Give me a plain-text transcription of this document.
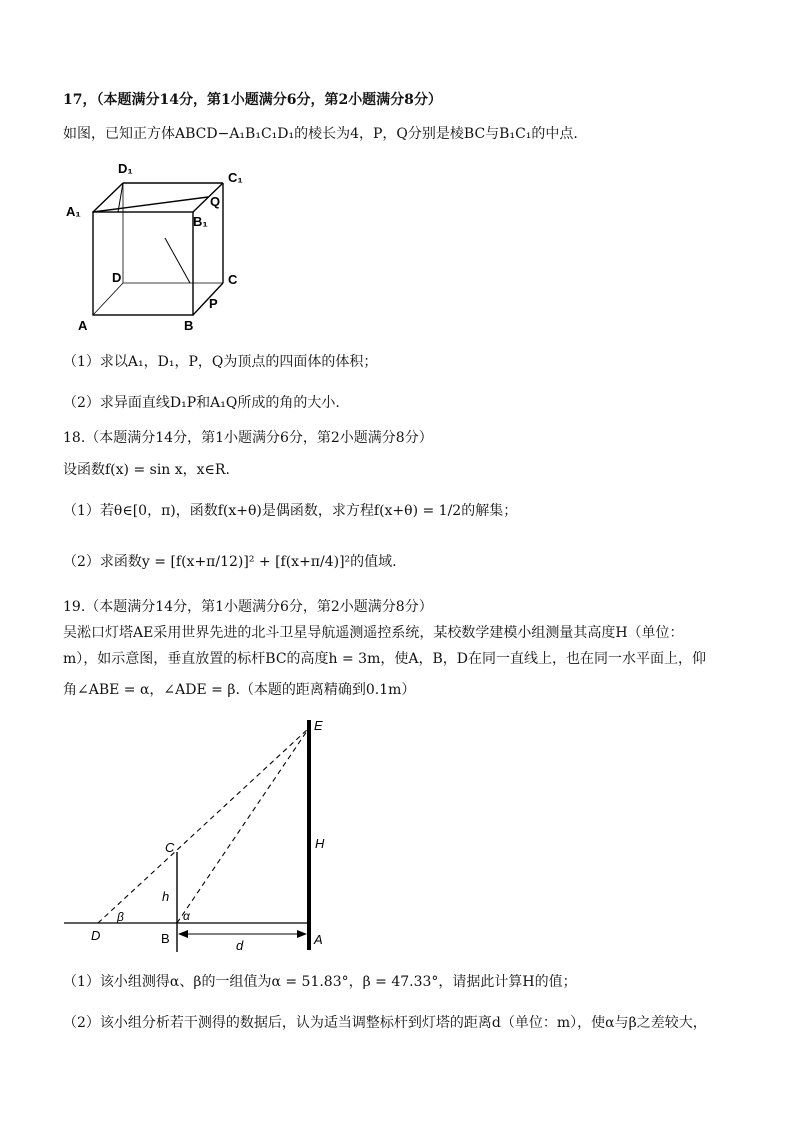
17，（本题满分14分，第1小题满分6分，第2小题满分8分）
如图，已知正方体ABCD−A₁B₁C₁D₁的棱长为4，P，Q分别是棱BC与B₁C₁的中点.
D₁
C₁
A₁
B₁
Q
D	C
A	B
P
（1）求以A₁，D₁，P，Q为顶点的四面体的体积；
（2）求异面直线D₁P和A₁Q所成的角的大小.
18.（本题满分14分，第1小题满分6分，第2小题满分8分）
设函数f(x) = sin x，x∈R.
（1）若θ∈[0，π)，函数f(x+θ)是偶函数，求方程f(x+θ) = 1/2的解集；
（2）求函数y = [f(x+π/12)]² + [f(x+π/4)]²的值域.
19.（本题满分14分，第1小题满分6分，第2小题满分8分）
吴淞口灯塔AE采用世界先进的北斗卫星导航遥测遥控系统，某校数学建模小组测量其高度H（单位：
m），如示意图，垂直放置的标杆BC的高度h = 3m，使A，B，D在同一直线上，也在同一水平面上，仰
角∠ABE = α，∠ADE = β.（本题的距离精确到0.1m）
E
C	H
h
β	α
D	B	d	A
（1）该小组测得α、β的一组值为α = 51.83°，β = 47.33°，请据此计算H的值；
（2）该小组分析若干测得的数据后，认为适当调整标杆到灯塔的距离d（单位：m），使α与β之差较大，
